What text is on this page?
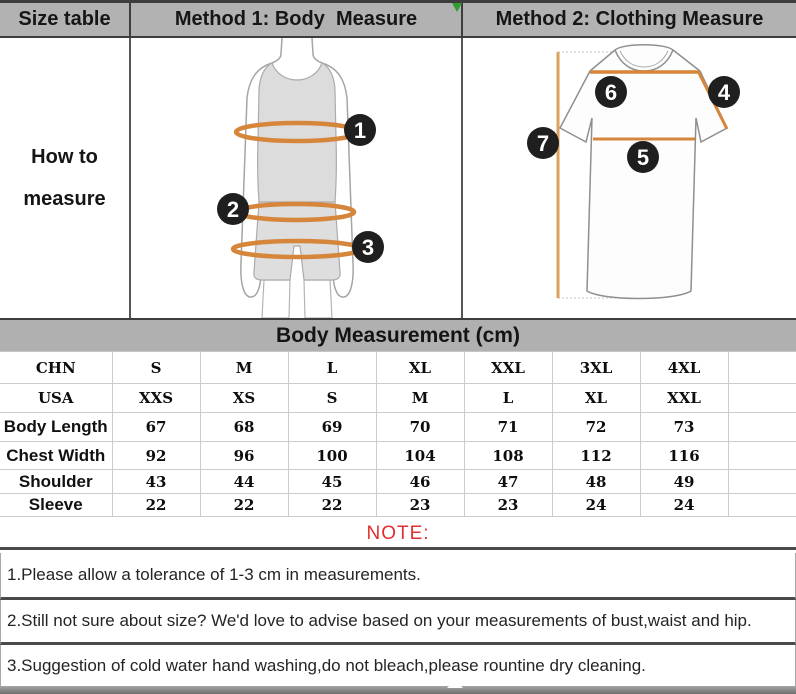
Size table	Method 1: Body  Measure	Method 2: Clothing Measure
How to
measure
1
2
3
6	4
5
7
Body Measurement (cm)
CHN	S	M	L	XL	XXL	3XL	4XL	
USA	XXS	XS	S	M	L	XL	XXL	
Body Length	67	68	69	70	71	72	73	
Chest Width	92	96	100	104	108	112	116	
Shoulder	43	44	45	46	47	48	49	
Sleeve	22	22	22	23	23	24	24	
NOTE:
1.Please allow a tolerance of 1-3 cm in measurements.
2.Still not sure about size? We'd love to advise based on your measurements of bust,waist and hip.
3.Suggestion of cold water hand washing,do not bleach,please rountine dry cleaning.
